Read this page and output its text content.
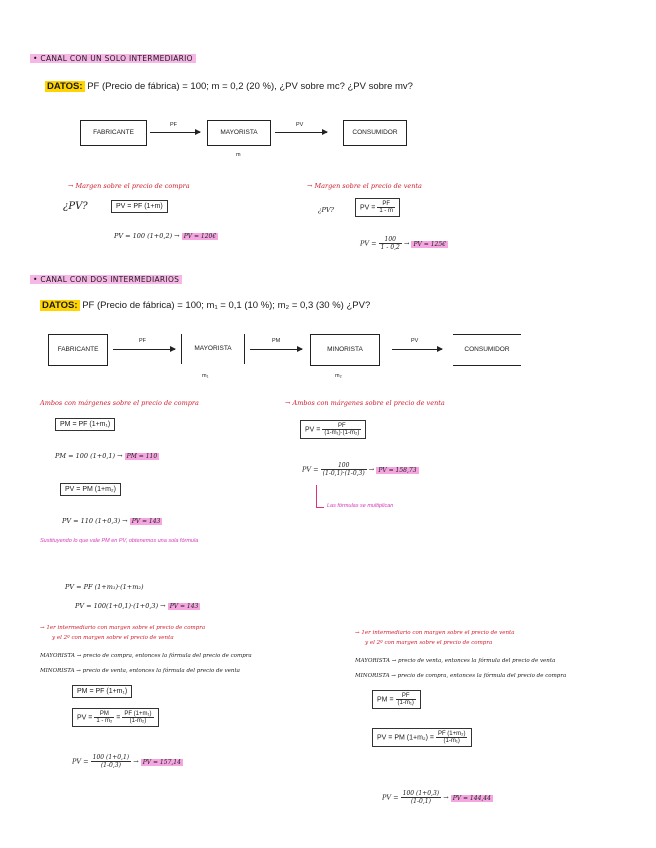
• CANAL CON UN SOLO INTERMEDIARIO
DATOS: PF (Precio de fábrica) = 100; m = 0,2 (20 %), ¿PV sobre mc? ¿PV sobre mv?
FABRICANTE
PF
MAYORISTA
m
PV
CONSUMIDOR
→ Margen sobre el precio de compra
¿PV?	PV = PF (1+m)
PV = 100 (1+0,2) → PV = 120€
→ Margen sobre el precio de venta
¿PV?	PV = $\frac{PF}{1 - m}$
PV = $\frac{100}{1 - 0,2}$ → PV = 125€
• CANAL CON DOS INTERMEDIARIOS
DATOS: PF (Precio de fábrica) = 100; m₁ = 0,1 (10 %); m₂ = 0,3 (30 %) ¿PV?
FABRICANTE
PF
MAYORISTA
m₁
PM
MINORISTA
m₂
PV
CONSUMIDOR
Ambos con márgenes sobre el precio de compra
PM = PF (1+m₁)
PM = 100 (1+0,1) → PM = 110
PV = PM (1+m₂)
PV = 110 (1+0,3) → PV = 143
Sustituyendo lo que vale PM en PV, obtenemos una sola fórmula
PV = PF (1+m₁)·(1+m₂)
PV = 100(1+0,1)·(1+0,3) → PV = 143
→ Ambos con márgenes sobre el precio de venta
PV = $\frac{PF}{\text{(1-m₁)·(1-m₂)}}$
PV = $\frac{100}{(1-0,1)\cdot(1-0,3)}$ → PV = 158,73
Las fórmulas se multiplican
→ 1er intermediario con margen sobre el precio de compra
y el 2º con margen sobre el precio de venta
MAYORISTA → precio de compra, entonces la fórmula del precio de compra
MINORISTA → precio de venta, entonces la fórmula del precio de venta
PM = PF (1+m₁)
PV = $\frac{PM}{\text{1 - m₂}} = \frac{\text{PF (1+m₁)}}{\text{(1-m₂)}}$
PV = $\frac{100 (1+0,1)}{(1-0,3)}$ → PV = 157,14
→ 1er intermediario con margen sobre el precio de venta
y el 2º con margen sobre el precio de compra
MAYORISTA → precio de venta, entonces la fórmula del precio de venta
MINORISTA → precio de compra, entonces la fórmula del precio de compra
PM = $\frac{PF}{\text{(1-m₁)}}$
PV = PM $(1+m_2) = \frac{\text{PF (1+m₂)}}{\text{(1-m₁)}}$
PV = $\frac{100 (1+0,3)}{(1-0,1)}$ → PV = 144,44
